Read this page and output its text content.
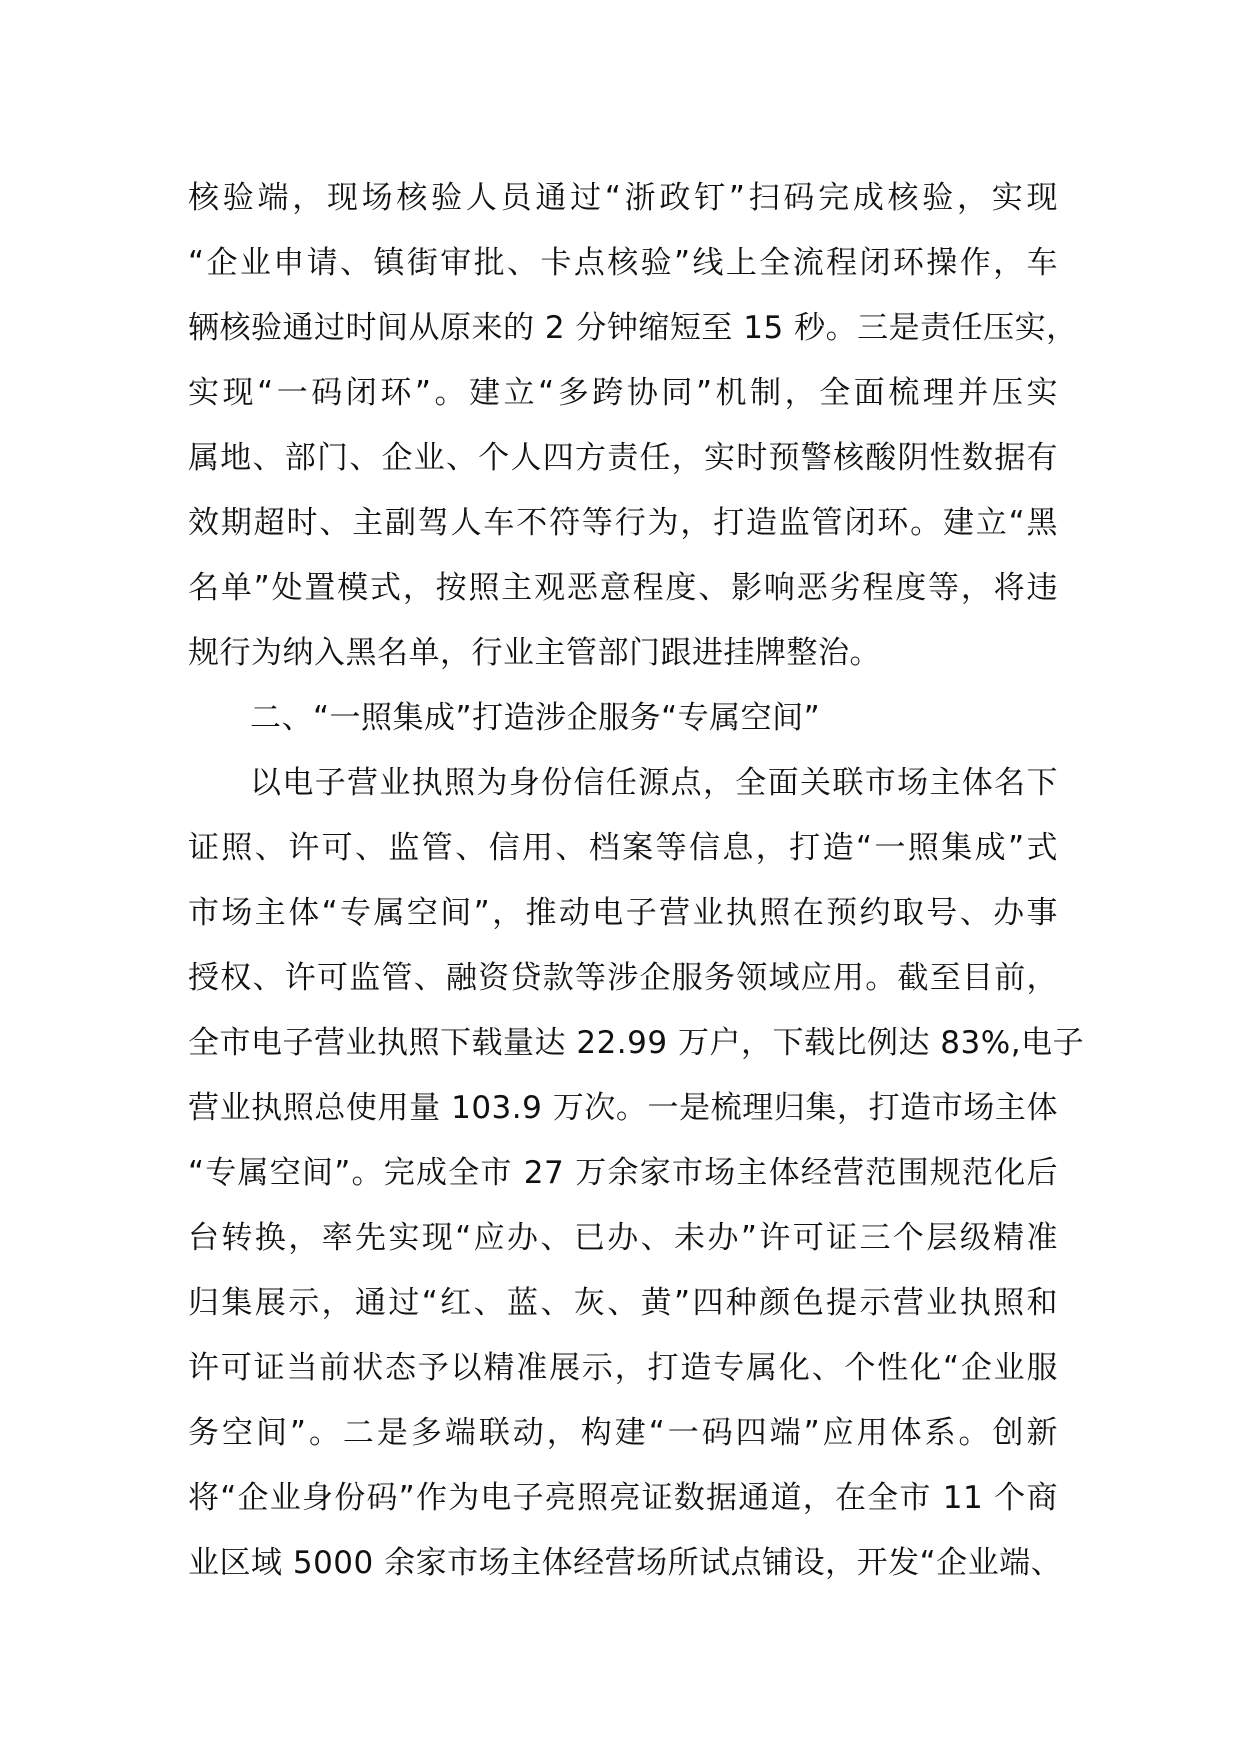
核验端，现场核验人员通过“浙政钉”扫码完成核验，实现
“企业申请、镇街审批、卡点核验”线上全流程闭环操作，车
辆核验通过时间从原来的 2 分钟缩短至 15 秒。三是责任压实，
实现“一码闭环”。建立“多跨协同”机制，全面梳理并压实
属地、部门、企业、个人四方责任，实时预警核酸阴性数据有
效期超时、主副驾人车不符等行为，打造监管闭环。建立“黑
名单”处置模式，按照主观恶意程度、影响恶劣程度等，将违
规行为纳入黑名单，行业主管部门跟进挂牌整治。
二、“一照集成”打造涉企服务“专属空间”
以电子营业执照为身份信任源点，全面关联市场主体名下
证照、许可、监管、信用、档案等信息，打造“一照集成”式
市场主体“专属空间”，推动电子营业执照在预约取号、办事
授权、许可监管、融资贷款等涉企服务领域应用。截至目前，
全市电子营业执照下载量达 22.99 万户，下载比例达 83%,电子
营业执照总使用量 103.9 万次。一是梳理归集，打造市场主体
“专属空间”。完成全市 27 万余家市场主体经营范围规范化后
台转换，率先实现“应办、已办、未办”许可证三个层级精准
归集展示，通过“红、蓝、灰、黄”四种颜色提示营业执照和
许可证当前状态予以精准展示，打造专属化、个性化“企业服
务空间”。二是多端联动，构建“一码四端”应用体系。创新
将“企业身份码”作为电子亮照亮证数据通道，在全市 11 个商
业区域 5000 余家市场主体经营场所试点铺设，开发“企业端、
